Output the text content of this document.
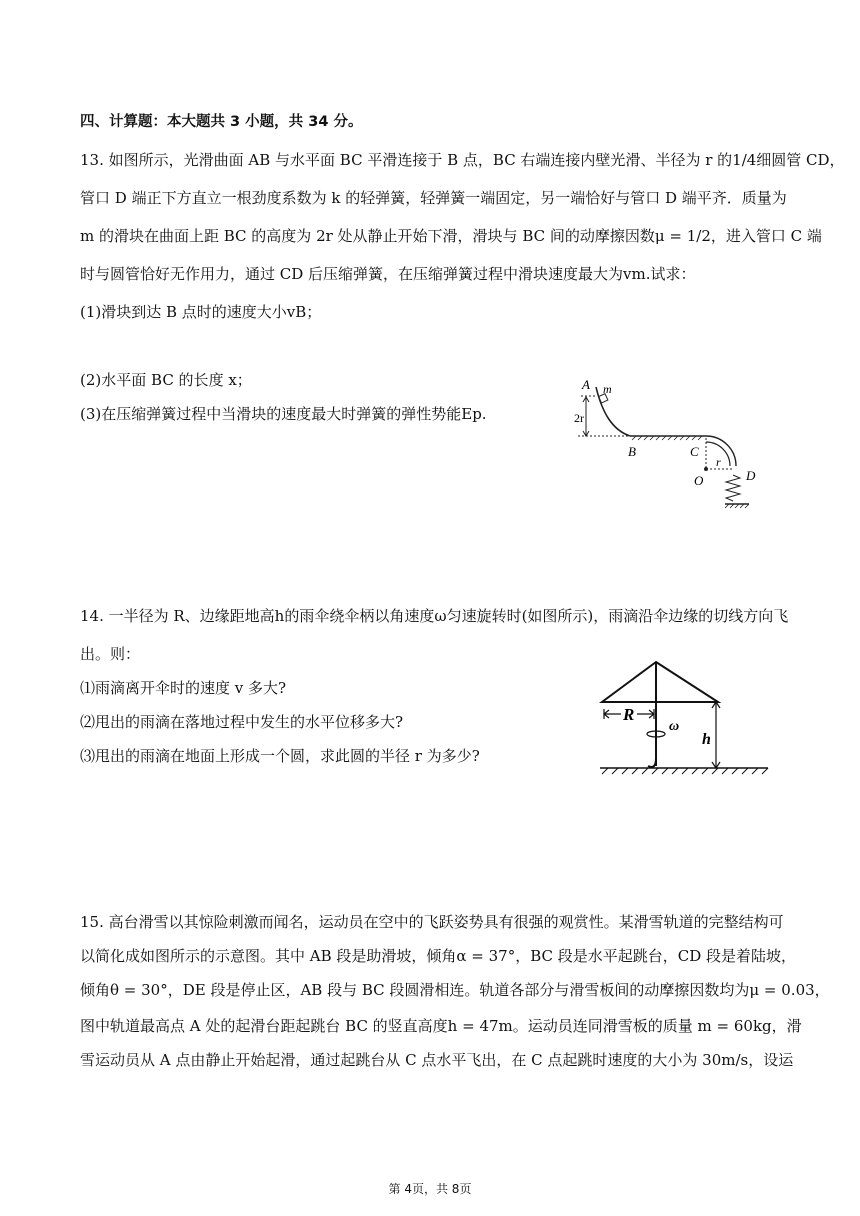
四、计算题：本大题共 3 小题，共 34 分。
13. 如图所示，光滑曲面 AB 与水平面 BC 平滑连接于 B 点，BC 右端连接内壁光滑、半径为 r 的1/4细圆管 CD，
管口 D 端正下方直立一根劲度系数为 k 的轻弹簧，轻弹簧一端固定，另一端恰好与管口 D 端平齐．质量为
m 的滑块在曲面上距 BC 的高度为 2r 处从静止开始下滑，滑块与 BC 间的动摩擦因数μ = 1/2，进入管口 C 端
时与圆管恰好无作用力，通过 CD 后压缩弹簧，在压缩弹簧过程中滑块速度最大为vm.试求：
(1)滑块到达 B 点时的速度大小vB；
(2)水平面 BC 的长度 x；
(3)在压缩弹簧过程中当滑块的速度最大时弹簧的弹性势能Ep.
A m
2r
B	C
O
r
D
14. 一半径为 R、边缘距地高h的雨伞绕伞柄以角速度ω匀速旋转时(如图所示)，雨滴沿伞边缘的切线方向飞
出。则：
⑴雨滴离开伞时的速度 v 多大?
⑵甩出的雨滴在落地过程中发生的水平位移多大?
⑶甩出的雨滴在地面上形成一个圆，求此圆的半径 r 为多少?
R
ω
h
15. 高台滑雪以其惊险刺激而闻名，运动员在空中的飞跃姿势具有很强的观赏性。某滑雪轨道的完整结构可
以简化成如图所示的示意图。其中 AB 段是助滑坡，倾角α = 37°，BC 段是水平起跳台，CD 段是着陆坡，
倾角θ = 30°，DE 段是停止区，AB 段与 BC 段圆滑相连。轨道各部分与滑雪板间的动摩擦因数均为μ = 0.03，
图中轨道最高点 A 处的起滑台距起跳台 BC 的竖直高度h = 47m。运动员连同滑雪板的质量 m = 60kg，滑
雪运动员从 A 点由静止开始起滑，通过起跳台从 C 点水平飞出，在 C 点起跳时速度的大小为 30m/s，设运
第 4页，共 8页
